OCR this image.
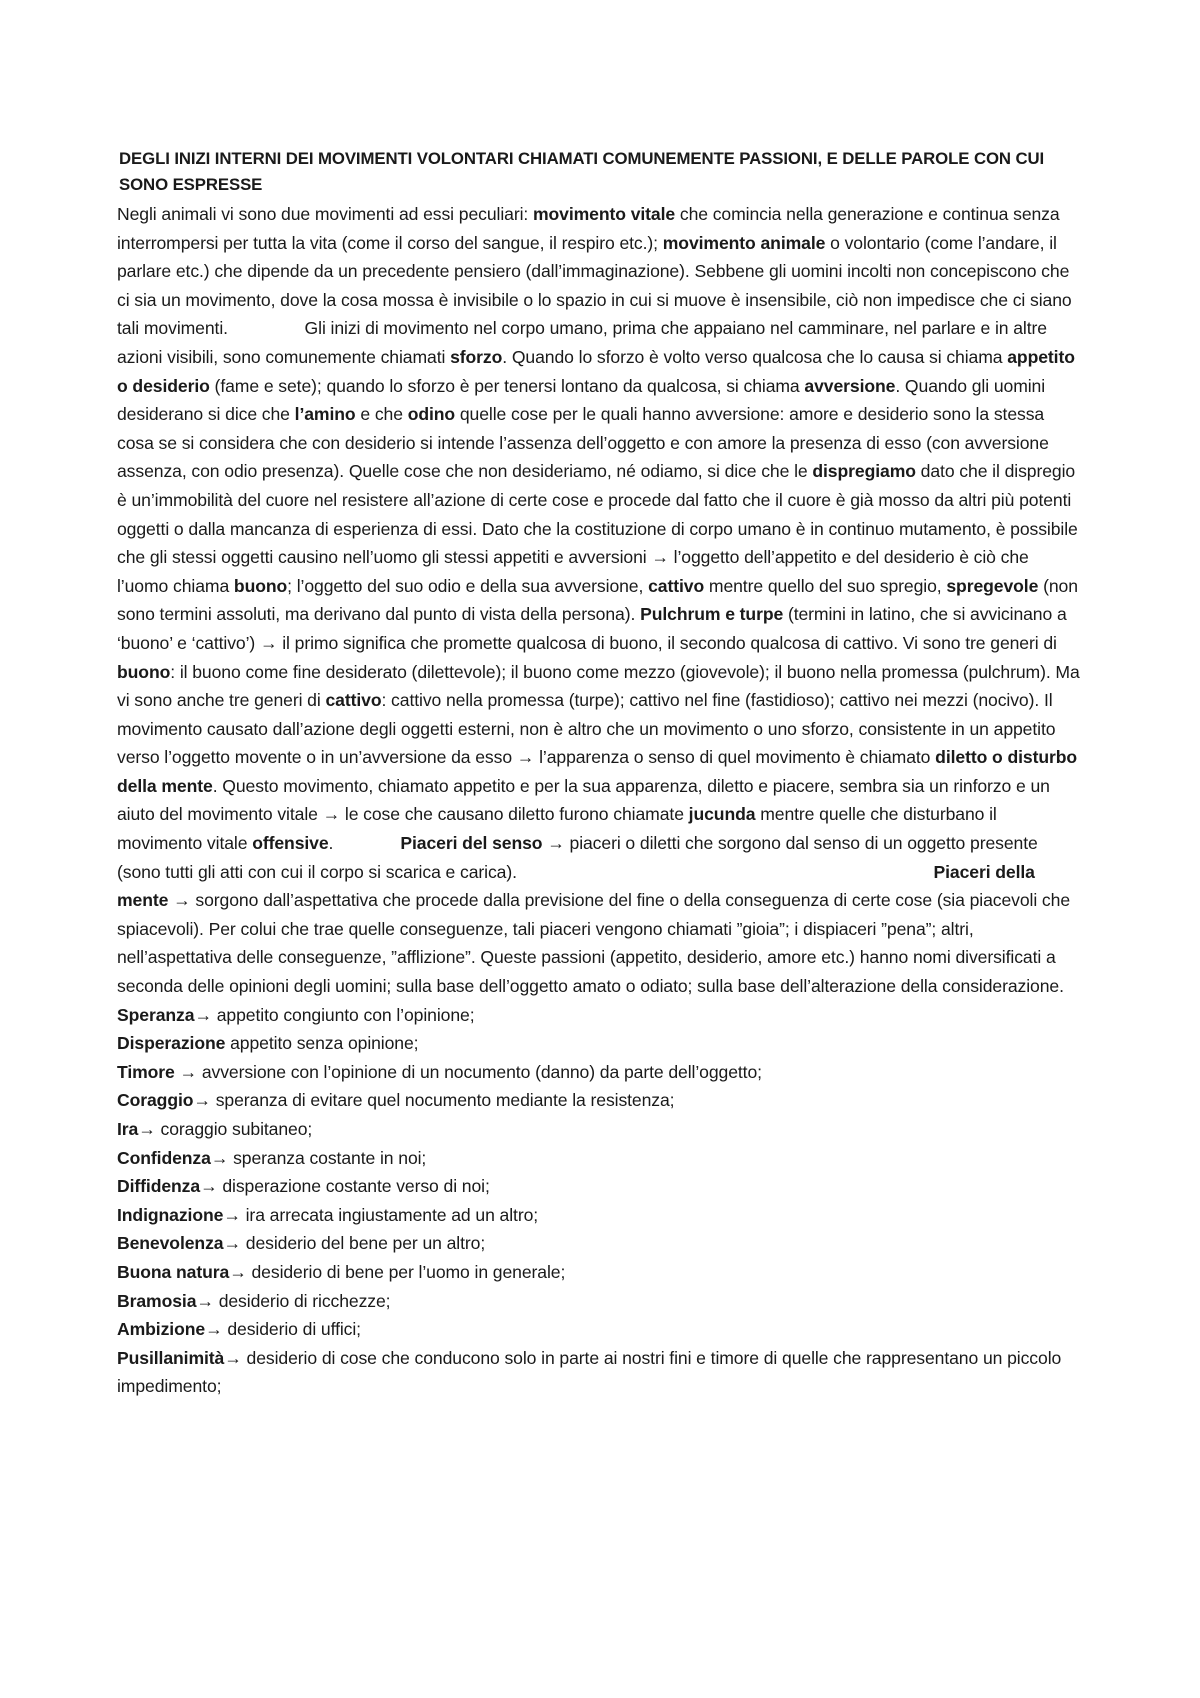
DEGLI INIZI INTERNI DEI MOVIMENTI VOLONTARI CHIAMATI COMUNEMENTE PASSIONI, E DELLE PAROLE CON CUI SONO ESPRESSE

Negli animali vi sono due movimenti ad essi peculiari: movimento vitale che comincia nella generazione e continua senza interrompersi per tutta la vita (come il corso del sangue, il respiro etc.); movimento animale o volontario (come l’andare, il parlare etc.) che dipende da un precedente pensiero (dall’immaginazione). Sebbene gli uomini incolti non concepiscono che ci sia un movimento, dove la cosa mossa è invisibile o lo spazio in cui si muove è insensibile, ciò non impedisce che ci siano tali movimenti.                Gli inizi di movimento nel corpo umano, prima che appaiano nel camminare, nel parlare e in altre azioni visibili, sono comunemente chiamati sforzo. Quando lo sforzo è volto verso qualcosa che lo causa si chiama appetito o desiderio (fame e sete); quando lo sforzo è per tenersi lontano da qualcosa, si chiama avversione. Quando gli uomini desiderano si dice che l’amino e che odino quelle cose per le quali hanno avversione: amore e desiderio sono la stessa cosa se si considera che con desiderio si intende l’assenza dell’oggetto e con amore la presenza di esso (con avversione assenza, con odio presenza). Quelle cose che non desideriamo, né odiamo, si dice che le dispregiamo dato che il dispregio è un’immobilità del cuore nel resistere all’azione di certe cose e procede dal fatto che il cuore è già mosso da altri più potenti oggetti o dalla mancanza di esperienza di essi. Dato che la costituzione di corpo umano è in continuo mutamento, è possibile che gli stessi oggetti causino nell’uomo gli stessi appetiti e avversioni → l’oggetto dell’appetito e del desiderio è ciò che l’uomo chiama buono; l’oggetto del suo odio e della sua avversione, cattivo mentre quello del suo spregio, spregevole (non sono termini assoluti, ma derivano dal punto di vista della persona). Pulchrum e turpe (termini in latino, che si avvicinano a ‘buono’ e ‘cattivo’) → il primo significa che promette qualcosa di buono, il secondo qualcosa di cattivo. Vi sono tre generi di buono: il buono come fine desiderato (dilettevole); il buono come mezzo (giovevole); il buono nella promessa (pulchrum). Ma vi sono anche tre generi di cattivo: cattivo nella promessa (turpe); cattivo nel fine (fastidioso); cattivo nei mezzi (nocivo). Il movimento causato dall’azione degli oggetti esterni, non è altro che un movimento o uno sforzo, consistente in un appetito verso l’oggetto movente o in un’avversione da esso → l’apparenza o senso di quel movimento è chiamato diletto o disturbo della mente. Questo movimento, chiamato appetito e per la sua apparenza, diletto e piacere, sembra sia un rinforzo e un aiuto del movimento vitale → le cose che causano diletto furono chiamate jucunda mentre quelle che disturbano il movimento vitale offensive.              Piaceri del senso → piaceri o diletti che sorgono dal senso di un oggetto presente (sono tutti gli atti con cui il corpo si scarica e carica).                                                                                       Piaceri della mente → sorgono dall’aspettativa che procede dalla previsione del fine o della conseguenza di certe cose (sia piacevoli che spiacevoli). Per colui che trae quelle conseguenze, tali piaceri vengono chiamati ”gioia”; i dispiaceri ”pena”; altri, nell’aspettativa delle conseguenze, ”afflizione”. Queste passioni (appetito, desiderio, amore etc.) hanno nomi diversificati a seconda delle opinioni degli uomini; sulla base dell’oggetto amato o odiato; sulla base dell’alterazione della considerazione.

Speranza→ appetito congiunto con l’opinione;
Disperazione appetito senza opinione;
Timore → avversione con l’opinione di un nocumento (danno) da parte dell’oggetto;
Coraggio→ speranza di evitare quel nocumento mediante la resistenza;
Ira→ coraggio subitaneo;
Confidenza→ speranza costante in noi;
Diffidenza→ disperazione costante verso di noi;
Indignazione→ ira arrecata ingiustamente ad un altro;
Benevolenza→ desiderio del bene per un altro;
Buona natura→ desiderio di bene per l’uomo in generale;
Bramosia→ desiderio di ricchezze;
Ambizione→ desiderio di uffici;
Pusillanimità→ desiderio di cose che conducono solo in parte ai nostri fini e timore di quelle che rappresentano un piccolo impedimento;
